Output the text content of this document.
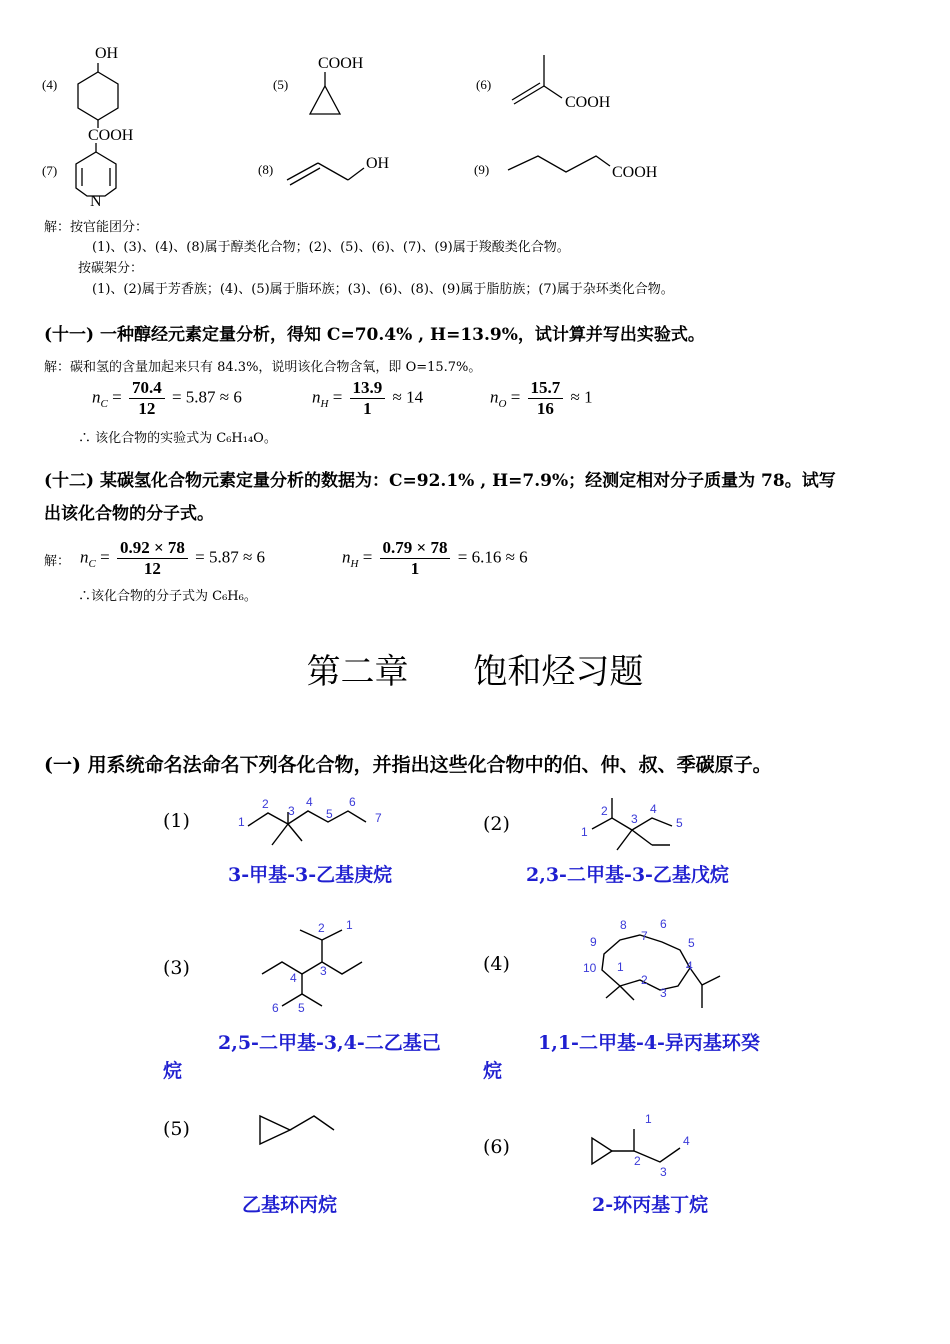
(4)
OH
COOH
(5)
COOH
(6)
COOH
(7)
N
(8)	OH	(9)	COOH
解：按官能团分：
(1)、(3)、(4)、(8)属于醇类化合物；(2)、(5)、(6)、(7)、(9)属于羧酸类化合物。
按碳架分：
(1)、(2)属于芳香族；(4)、(5)属于脂环族；(3)、(6)、(8)、(9)属于脂肪族；(7)属于杂环类化合物。
(十一) 一种醇经元素定量分析，得知 C=70.4% , H=13.9%，试计算并写出实验式。
解：碳和氢的含量加起来只有 84.3%，说明该化合物含氧，即 O=15.7%。
$n_C = \frac{70.4}{12} = 5.87 \approx 6$	$n_H = \frac{13.9}{1} \approx 14$	$n_O = \frac{15.7}{16} \approx 1$
∴ 该化合物的实验式为 C₆H₁₄O。
(十二) 某碳氢化合物元素定量分析的数据为：C=92.1% , H=7.9%；经测定相对分子质量为 78。试写
出该化合物的分子式。
解： $n_C = \frac{0.92 \times 78}{12} = 5.87 \approx 6$	$n_H = \frac{0.79 \times 78}{1} = 6.16 \approx 6$
∴该化合物的分子式为 C₆H₆。
第二章      饱和烃习题
(一) 用系统命名法命名下列各化合物，并指出这些化合物中的伯、仲、叔、季碳原子。
(1)	(2)
(3)	(4)
(5)
(6)
1
2 3
4
5
6
7
1
2
3
4
5
1
2
3
4
5
6
1
2
3
4
5
6
7
8
9
10
1
2
3
4
3-甲基-3-乙基庚烷	2,3-二甲基-3-乙基戊烷
2,5-二甲基-3,4-二乙基己
烷
1,1-二甲基-4-异丙基环癸
烷
乙基环丙烷	2-环丙基丁烷
